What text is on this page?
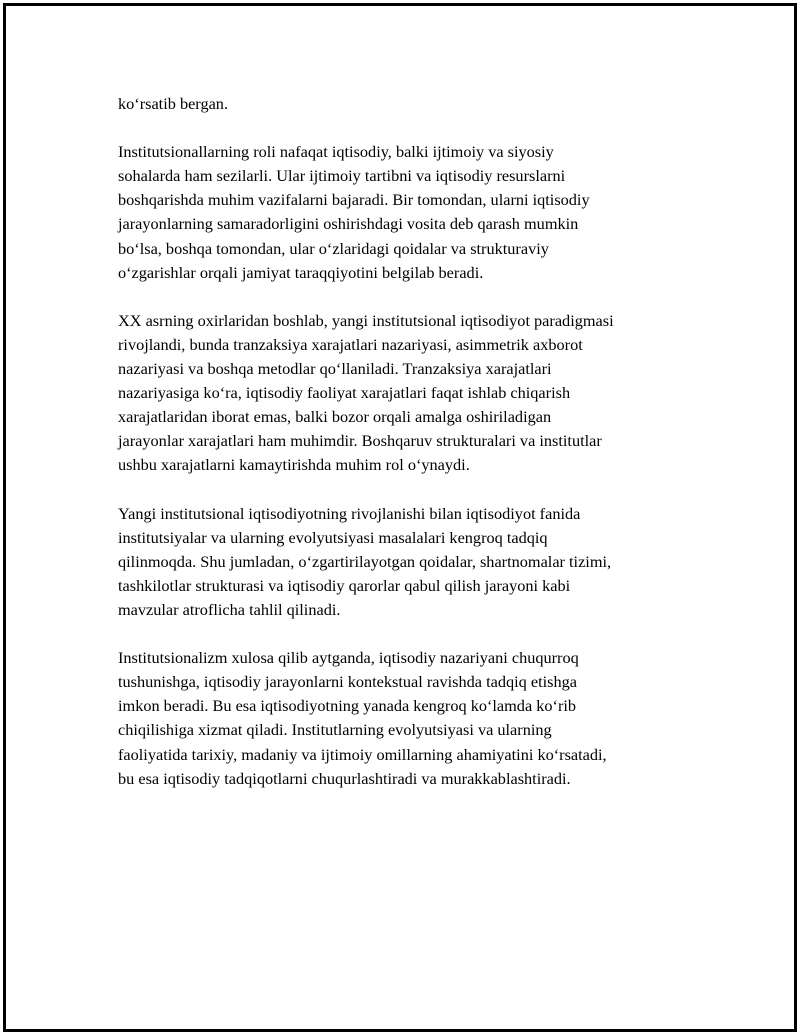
koʻrsatib bergan.

Institutsionallarning roli nafaqat iqtisodiy, balki ijtimoiy va siyosiy
sohalarda ham sezilarli. Ular ijtimoiy tartibni va iqtisodiy resurslarni
boshqarishda muhim vazifalarni bajaradi. Bir tomondan, ularni iqtisodiy
jarayonlarning samaradorligini oshirishdagi vosita deb qarash mumkin
boʻlsa, boshqa tomondan, ular oʻzlaridagi qoidalar va strukturaviy
oʻzgarishlar orqali jamiyat taraqqiyotini belgilab beradi.

XX asrning oxirlaridan boshlab, yangi institutsional iqtisodiyot paradigmasi
rivojlandi, bunda tranzaksiya xarajatlari nazariyasi, asimmetrik axborot
nazariyasi va boshqa metodlar qoʻllaniladi. Tranzaksiya xarajatlari
nazariyasiga koʻra, iqtisodiy faoliyat xarajatlari faqat ishlab chiqarish
xarajatlaridan iborat emas, balki bozor orqali amalga oshiriladigan
jarayonlar xarajatlari ham muhimdir. Boshqaruv strukturalari va institutlar
ushbu xarajatlarni kamaytirishda muhim rol oʻynaydi.

Yangi institutsional iqtisodiyotning rivojlanishi bilan iqtisodiyot fanida
institutsiyalar va ularning evolyutsiyasi masalalari kengroq tadqiq
qilinmoqda. Shu jumladan, oʻzgartirilayotgan qoidalar, shartnomalar tizimi,
tashkilotlar strukturasi va iqtisodiy qarorlar qabul qilish jarayoni kabi
mavzular atroflicha tahlil qilinadi.

Institutsionalizm xulosa qilib aytganda, iqtisodiy nazariyani chuqurroq
tushunishga, iqtisodiy jarayonlarni kontekstual ravishda tadqiq etishga
imkon beradi. Bu esa iqtisodiyotning yanada kengroq koʻlamda koʻrib
chiqilishiga xizmat qiladi. Institutlarning evolyutsiyasi va ularning
faoliyatida tarixiy, madaniy va ijtimoiy omillarning ahamiyatini koʻrsatadi,
bu esa iqtisodiy tadqiqotlarni chuqurlashtiradi va murakkablashtiradi.
